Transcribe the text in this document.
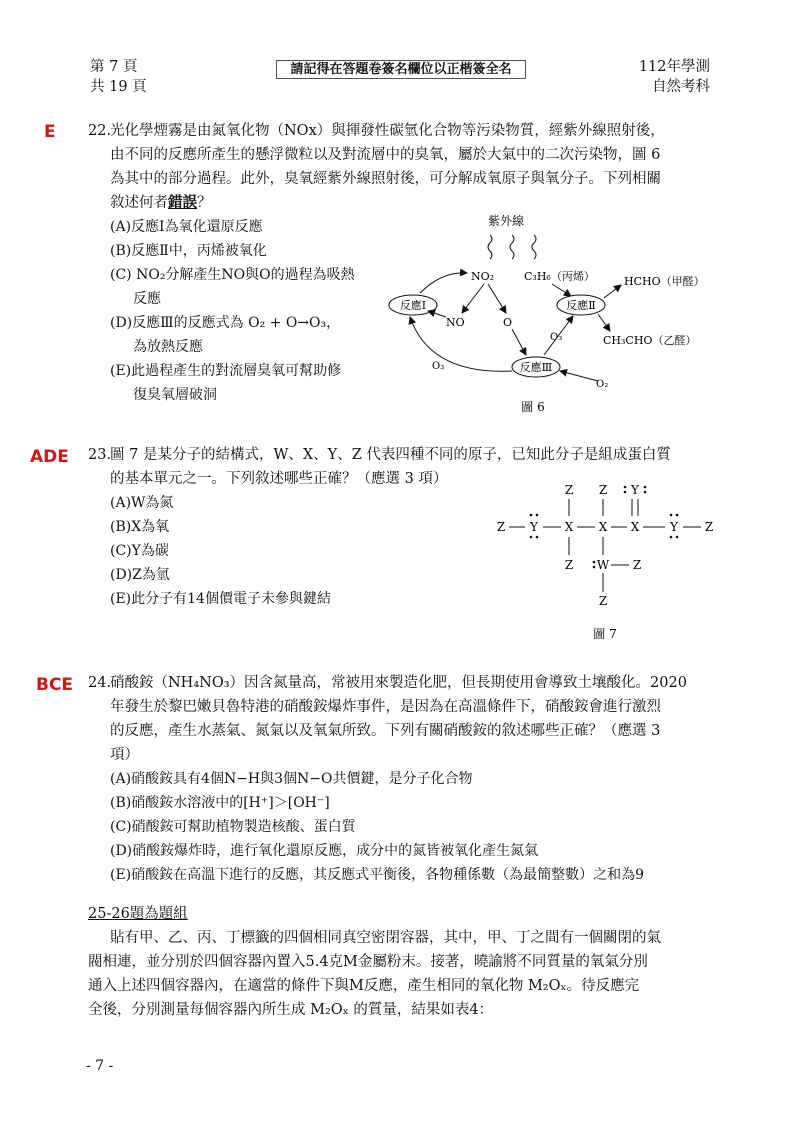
第 7 頁
共 19 頁
請記得在答題卷簽名欄位以正楷簽全名	112年學測
自然考科
E 22.
光化學煙霧是由氮氧化物（NOx）與揮發性碳氫化合物等污染物質，經紫外線照射後，
由不同的反應所產生的懸浮微粒以及對流層中的臭氧，屬於大氣中的二次污染物，圖 6
為其中的部分過程。此外，臭氧經紫外線照射後，可分解成氧原子與氧分子。下列相關
敘述何者錯誤？
(A)反應Ⅰ為氧化還原反應
(B)反應Ⅱ中，丙烯被氧化
(C) NO₂分解產生NO與O的過程為吸熱
反應
(D)反應Ⅲ的反應式為 O₂ + O→O₃，
為放熱反應
(E)此過程產生的對流層臭氧可幫助修
復臭氧層破洞
紫外線
NO₂	C₃H₆（丙烯）	HCHO（甲醛）
反應Ⅰ	反應Ⅱ
反應Ⅲ
NO	O
O₃	CH₃CHO（乙醛）
O₃
O₂
圖 6
ADE 23.
圖 7 是某分子的結構式，W、X、Y、Z 代表四種不同的原子，已知此分子是組成蛋白質
的基本單元之一。下列敘述哪些正確？（應選 3 項）
(A)W為氮
(B)X為氧
(C)Y為碳
(D)Z為氫
(E)此分子有14個價電子未參與鍵結
Z Z Y
Z Y X X X	Y Z
Z W Z
Z
圖 7
BCE 24.
硝酸銨（NH₄NO₃）因含氮量高，常被用來製造化肥，但長期使用會導致土壤酸化。2020
年發生於黎巴嫩貝魯特港的硝酸銨爆炸事件，是因為在高溫條件下，硝酸銨會進行激烈
的反應，產生水蒸氣、氮氣以及氧氣所致。下列有關硝酸銨的敘述哪些正確？（應選 3
項）
(A)硝酸銨具有4個N−H與3個N−O共價鍵，是分子化合物
(B)硝酸銨水溶液中的[H⁺]＞[OH⁻]
(C)硝酸銨可幫助植物製造核酸、蛋白質
(D)硝酸銨爆炸時，進行氧化還原反應，成分中的氮皆被氧化產生氮氣
(E)硝酸銨在高溫下進行的反應，其反應式平衡後，各物種係數（為最簡整數）之和為9
25-26題為題組
貼有甲、乙、丙、丁標籤的四個相同真空密閉容器，其中，甲、丁之間有一個關閉的氣
閥相連，並分別於四個容器內置入5.4克M金屬粉末。接著，曉諭將不同質量的氧氣分別
通入上述四個容器內，在適當的條件下與M反應，產生相同的氧化物 M₂Oₓ。待反應完
全後，分別測量每個容器內所生成 M₂Oₓ 的質量，結果如表4：
- 7 -
